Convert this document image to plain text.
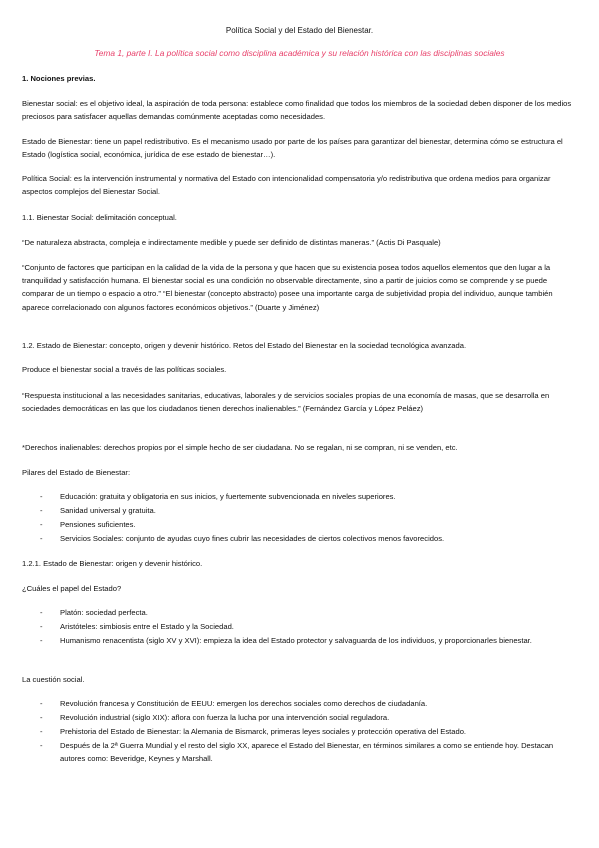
Política Social y del Estado del Bienestar.
Tema 1, parte I. La política social como disciplina académica y su relación histórica con las disciplinas sociales
1. Nociones previas.
Bienestar social: es el objetivo ideal, la aspiración de toda persona: establece como finalidad que todos los miembros de la sociedad deben disponer de los medios preciosos para satisfacer aquellas demandas comúnmente aceptadas como necesidades.
Estado de Bienestar: tiene un papel redistributivo. Es el mecanismo usado por parte de los países para garantizar del bienestar, determina cómo se estructura el Estado (logística social, económica, jurídica de ese estado de bienestar…).
Política Social: es la intervención instrumental y normativa del Estado con intencionalidad compensatoria y/o redistributiva que ordena medios para organizar aspectos complejos del Bienestar Social.
1.1. Bienestar Social: delimitación conceptual.
“De naturaleza abstracta, compleja e indirectamente medible y puede ser definido de distintas maneras.” (Actis Di Pasquale)
“Conjunto de factores que participan en la calidad de la vida de la persona y que hacen que su existencia posea todos aquellos elementos que den lugar a la tranquilidad y satisfacción humana. El bienestar social es una condición no observable directamente, sino a partir de juicios como se comprende y se puede comparar de un tiempo o espacio a otro.” “El bienestar (concepto abstracto) posee una importante carga de subjetividad propia del individuo, aunque también aparece correlacionado con algunos factores económicos objetivos.” (Duarte y Jiménez)
1.2. Estado de Bienestar: concepto, origen y devenir histórico. Retos del Estado del Bienestar en la sociedad tecnológica avanzada.
Produce el bienestar social a través de las políticas sociales.
“Respuesta institucional a las necesidades sanitarias, educativas, laborales y de servicios sociales propias de una economía de masas, que se desarrolla en sociedades democráticas en las que los ciudadanos tienen derechos inalienables.” (Fernández García y López Peláez)
*Derechos inalienables: derechos propios por el simple hecho de ser ciudadana. No se regalan, ni se compran, ni se venden, etc.
Pilares del Estado de Bienestar:
- Educación: gratuita y obligatoria en sus inicios, y fuertemente subvencionada en niveles superiores.
- Sanidad universal y gratuita.
- Pensiones suficientes.
- Servicios Sociales: conjunto de ayudas cuyo fines cubrir las necesidades de ciertos colectivos menos favorecidos.
1.2.1. Estado de Bienestar: origen y devenir histórico.
¿Cuáles el papel del Estado?
- Platón: sociedad perfecta.
- Aristóteles: simbiosis entre el Estado y la Sociedad.
- Humanismo renacentista (siglo XV y XVI): empieza la idea del Estado protector y salvaguarda de los individuos, y proporcionarles bienestar.
La cuestión social.
- Revolución francesa y Constitución de EEUU: emergen los derechos sociales como derechos de ciudadanía.
- Revolución industrial (siglo XIX): aflora con fuerza la lucha por una intervención social reguladora.
- Prehistoria del Estado de Bienestar: la Alemania de Bismarck, primeras leyes sociales y protección operativa del Estado.
- Después de la 2ª Guerra Mundial y el resto del siglo XX, aparece el Estado del Bienestar, en términos similares a como se entiende hoy. Destacan autores como: Beveridge, Keynes y Marshall.
